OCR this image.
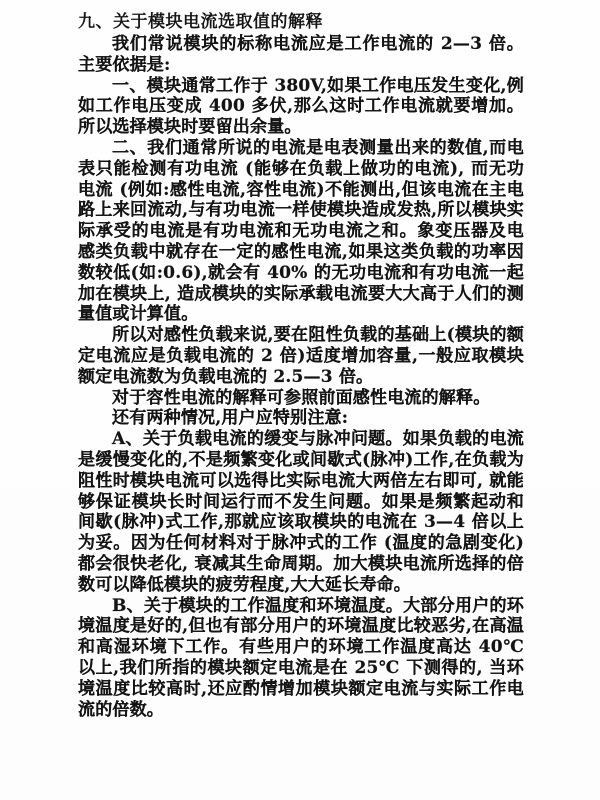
九、关于模块电流选取值的解释

我们常说模块的标称电流应是工作电流的 2—3 倍。主要依据是:

一、模块通常工作于 380V,如果工作电压发生变化,例如工作电压变成 400 多伏,那么这时工作电流就要增加。所以选择模块时要留出余量。

二、我们通常所说的电流是电表测量出来的数值,而电表只能检测有功电流 (能够在负载上做功的电流), 而无功电流 (例如:感性电流,容性电流)不能测出,但该电流在主电路上来回流动,与有功电流一样使模块造成发热,所以模块实际承受的电流是有功电流和无功电流之和。象变压器及电感类负载中就存在一定的感性电流,如果这类负载的功率因数较低(如:0.6),就会有 40% 的无功电流和有功电流一起加在模块上, 造成模块的实际承载电流要大大高于人们的测量值或计算值。

所以对感性负载来说,要在阻性负载的基础上(模块的额定电流应是负载电流的 2 倍)适度增加容量,一般应取模块额定电流数为负载电流的 2.5—3 倍。

对于容性电流的解释可参照前面感性电流的解释。

还有两种情况,用户应特别注意:

A、关于负载电流的缓变与脉冲问题。如果负载的电流是缓慢变化的,不是频繁变化或间歇式(脉冲)工作,在负载为阻性时模块电流可以选得比实际电流大两倍左右即可, 就能够保证模块长时间运行而不发生问题。如果是频繁起动和间歇(脉冲)式工作,那就应该取模块的电流在 3—4 倍以上为妥。因为任何材料对于脉冲式的工作 (温度的急剧变化) 都会很快老化, 衰减其生命周期。加大模块电流所选择的倍数可以降低模块的疲劳程度,大大延长寿命。

B、关于模块的工作温度和环境温度。大部分用户的环境温度是好的,但也有部分用户的环境温度比较恶劣,在高温和高湿环境下工作。有些用户的环境工作温度高达 40℃ 以上,我们所指的模块额定电流是在 25℃ 下测得的, 当环境温度比较高时,还应酌情增加模块额定电流与实际工作电流的倍数。
